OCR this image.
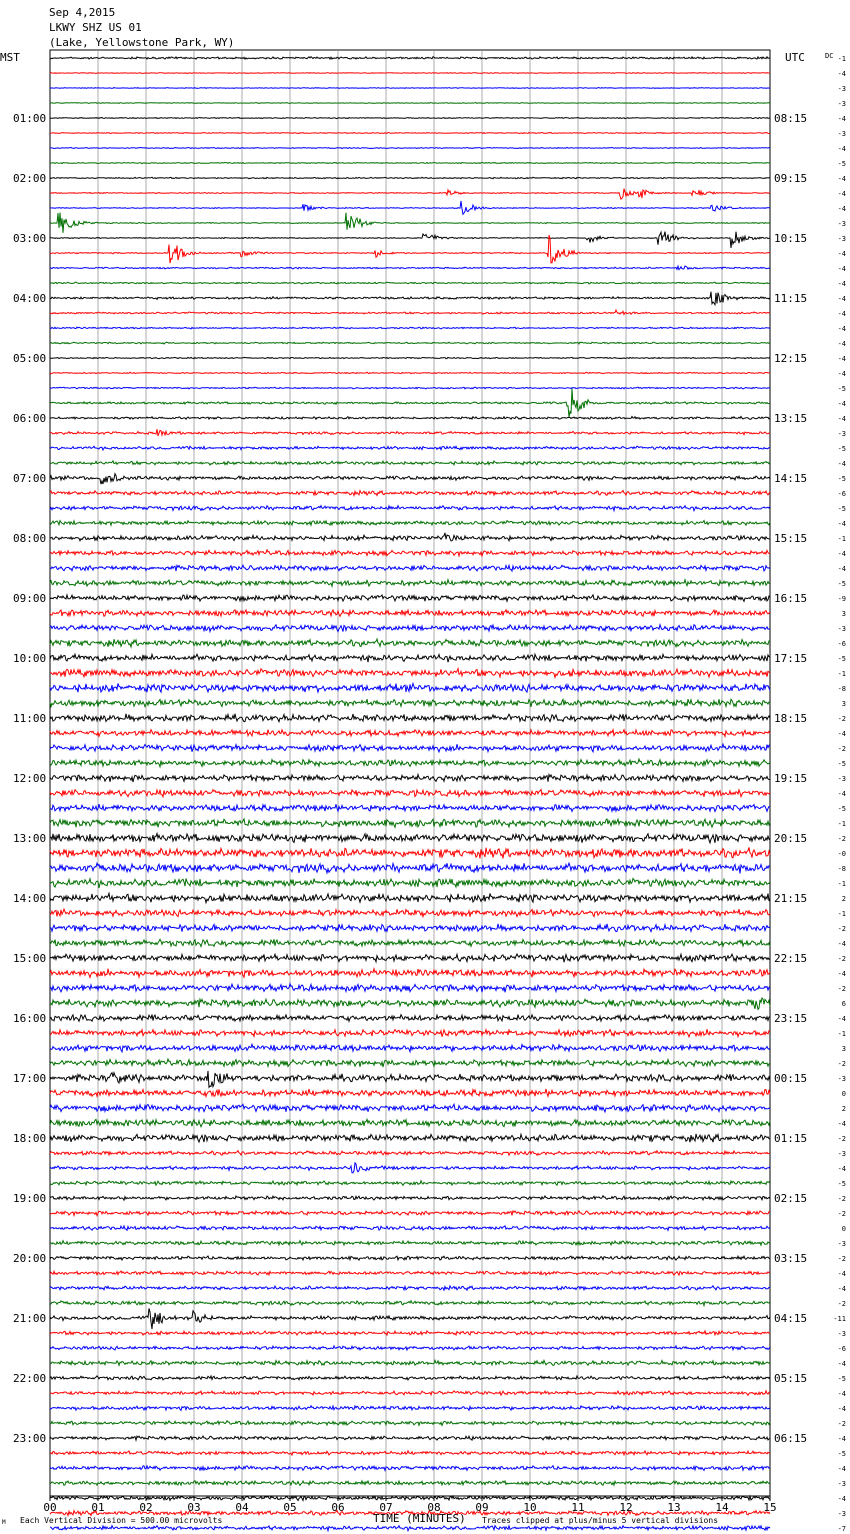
Sep 4,2015
LKWY SHZ US 01
(Lake, Yellowstone Park, WY)
MST	UTC	DC
01:00
02:00
03:00
04:00
05:00
06:00
07:00
08:00
09:00
10:00
11:00
12:00
13:00
14:00
15:00
16:00
17:00
18:00
19:00
20:00
21:00
22:00
23:00
08:15
09:15
10:15
11:15
12:15
13:15
14:15
15:15
16:15
17:15
18:15
19:15
20:15
21:15
22:15
23:15
00:15
01:15
02:15
03:15
04:15
05:15
06:15
-1
-4
-3
-3
-4
-3
-4
-5
-4
-4
-4
-3
-3
-4
-4
-4
-4
-4
-4
-4
-4
-4
-5
-4
-4
-3
-5
-4
-5
-6
-5
-4
-1
-4
-4
-5
-9
3
-3
-6
-5
-1
-8
3
-2
-4
-2
-5
-3
-4
-5
-1
-2
-0
-8
-1
2
-1
-2
-4
-2
-4
-2
6
-4
-1
3
-2
-3
0
2
-4
-2
-3
-4
-5
-2
-2
0
-3
-2
-4
-4
-2
-11
-3
-6
-4
-5
-4
-4
-2
-4
-5
-4
-3
-4
-3
-7
00	01	02	03	04	05	06	07	08	09	10	11	12	13	14	15
TIME (MINUTES)
M Each Vertical Division = 500.00 microvolts	Traces clipped at plus/minus 5 vertical divisions
